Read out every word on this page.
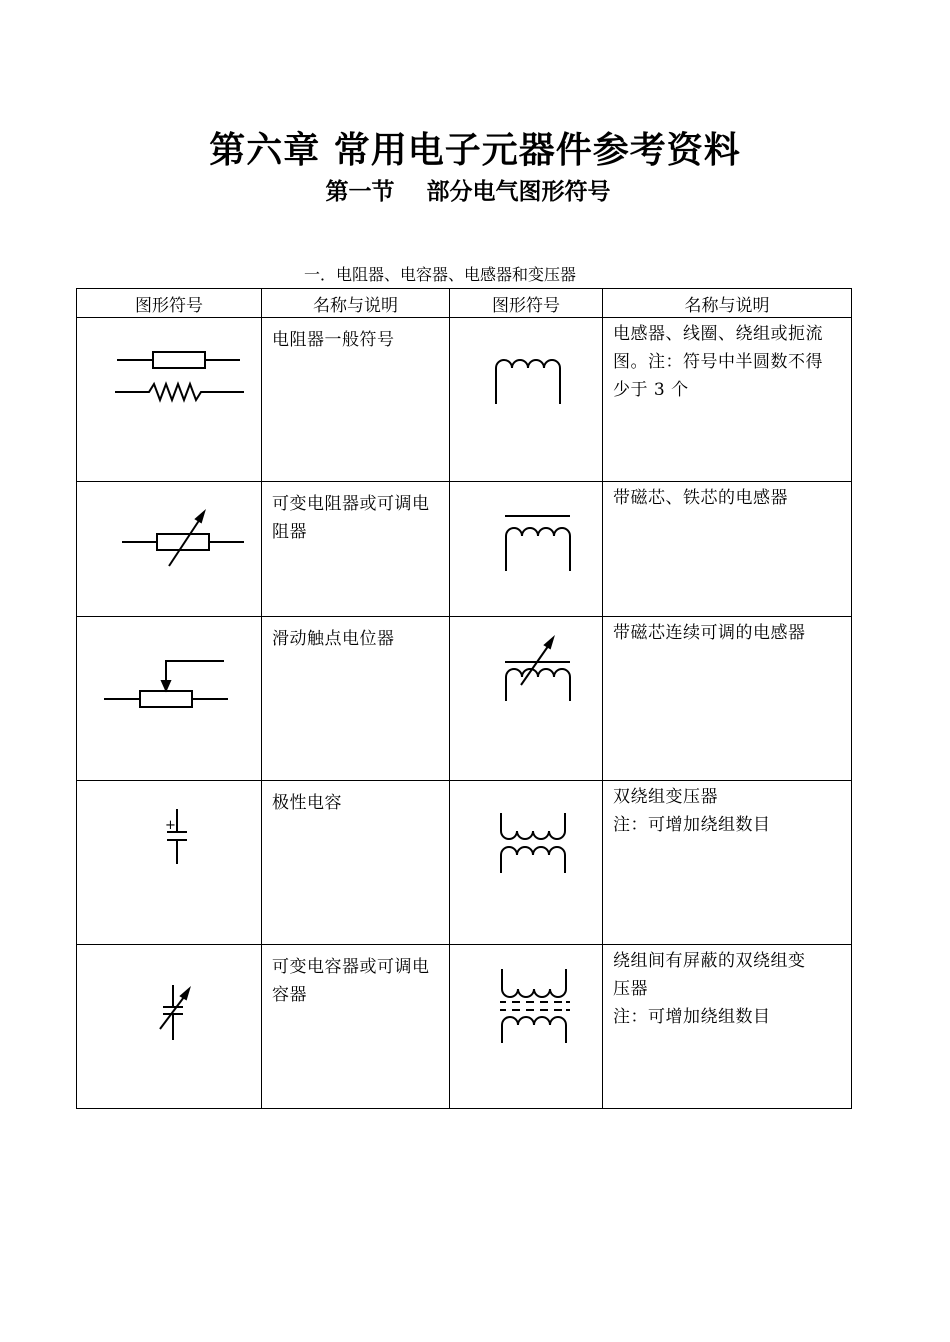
第六章 常用电子元器件参考资料
第一节    部分电气图形符号
一．电阻器、电容器、电感器和变压器
图形符号	名称与说明	图形符号	名称与说明

电阻器一般符号		电感器、线圈、绕组或扼流
图。注：符号中半圆数不得
少于 3 个

可变电阻器或可调电阻器		带磁芯、铁芯的电感器

滑动触点电位器		带磁芯连续可调的电感器

+	极性电容		双绕组变压器
注：可增加绕组数目

可变电容器或可调电容器		绕组间有屏蔽的双绕组变
压器
注：可增加绕组数目
